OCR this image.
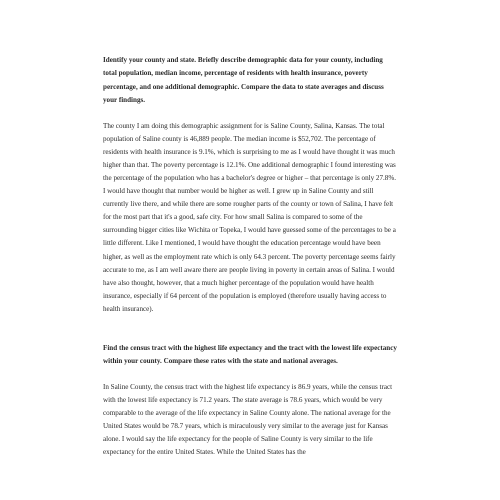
Identify your county and state. Briefly describe demographic data for your county, including total population, median income, percentage of residents with health insurance, poverty percentage, and one additional demographic. Compare the data to state averages and discuss your findings.

The county I am doing this demographic assignment for is Saline County, Salina, Kansas. The total population of Saline county is 46,889 people. The median income is $52,702. The percentage of residents with health insurance is 9.1%, which is surprising to me as I would have thought it was much higher than that. The poverty percentage is 12.1%. One additional demographic I found interesting was the percentage of the population who has a bachelor's degree or higher – that percentage is only 27.8%. I would have thought that number would be higher as well. I grew up in Saline County and still currently live there, and while there are some rougher parts of the county or town of Salina, I have felt for the most part that it's a good, safe city. For how small Salina is compared to some of the surrounding bigger cities like Wichita or Topeka, I would have guessed some of the percentages to be a little different. Like I mentioned, I would have thought the education percentage would have been higher, as well as the employment rate which is only 64.3 percent. The poverty percentage seems fairly accurate to me, as I am well aware there are people living in poverty in certain areas of Salina. I would have also thought, however, that a much higher percentage of the population would have health insurance, especially if 64 percent of the population is employed (therefore usually having access to health insurance).

Find the census tract with the highest life expectancy and the tract with the lowest life expectancy within your county. Compare these rates with the state and national averages.

In Saline County, the census tract with the highest life expectancy is 86.9 years, while the census tract with the lowest life expectancy is 71.2 years. The state average is 78.6 years, which would be very comparable to the average of the life expectancy in Saline County alone. The national average for the United States would be 78.7 years, which is miraculously very similar to the average just for Kansas alone. I would say the life expectancy for the people of Saline County is very similar to the life expectancy for the entire United States. While the United States has the
